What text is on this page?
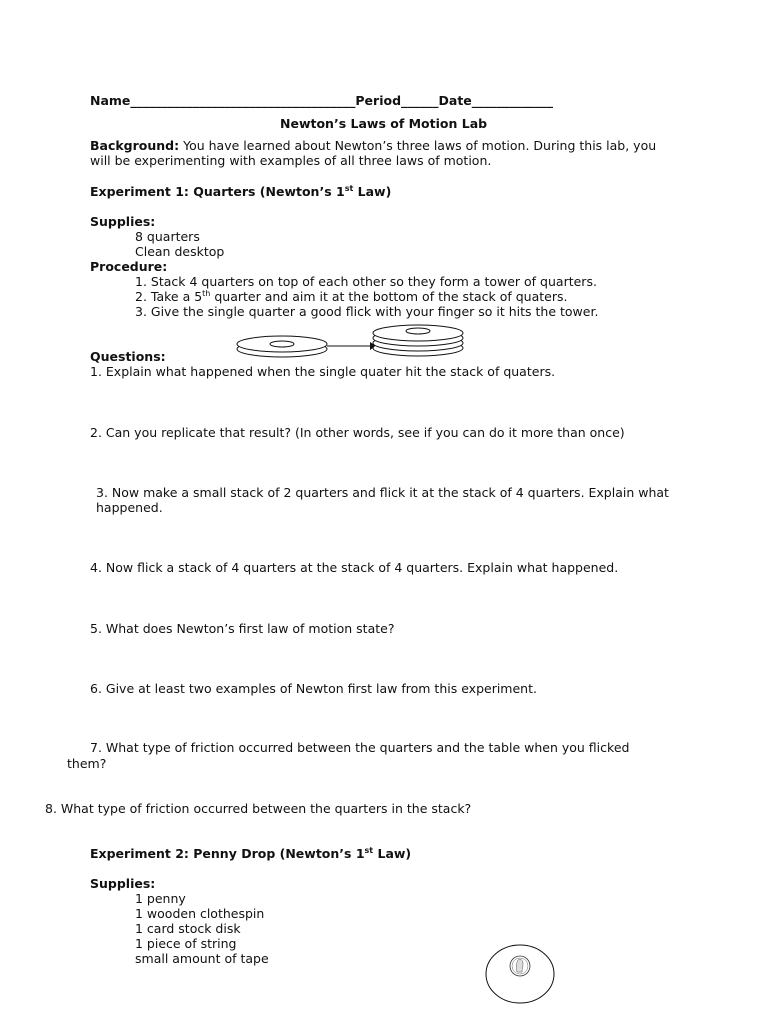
Name____________________________________Period______Date_____________
Newton’s Laws of Motion Lab
Background: You have learned about Newton’s three laws of motion. During this lab, you
will be experimenting with examples of all three laws of motion.
Experiment 1: Quarters (Newton’s 1st Law)
Supplies:
8 quarters
Clean desktop
Procedure:
1. Stack 4 quarters on top of each other so they form a tower of quarters.
2. Take a 5th quarter and aim it at the bottom of the stack of quaters.
3. Give the single quarter a good flick with your finger so it hits the tower.
Questions:
1. Explain what happened when the single quater hit the stack of quaters.
2. Can you replicate that result? (In other words, see if you can do it more than once)
3. Now make a small stack of 2 quarters and flick it at the stack of 4 quarters. Explain what
happened.
4. Now flick a stack of 4 quarters at the stack of 4 quarters. Explain what happened.
5. What does Newton’s first law of motion state?
6. Give at least two examples of Newton first law from this experiment.
7. What type of friction occurred between the quarters and the table when you flicked
them?
8. What type of friction occurred between the quarters in the stack?
Experiment 2: Penny Drop (Newton’s 1st Law)
Supplies:
1 penny
1 wooden clothespin
1 card stock disk
1 piece of string
small amount of tape
